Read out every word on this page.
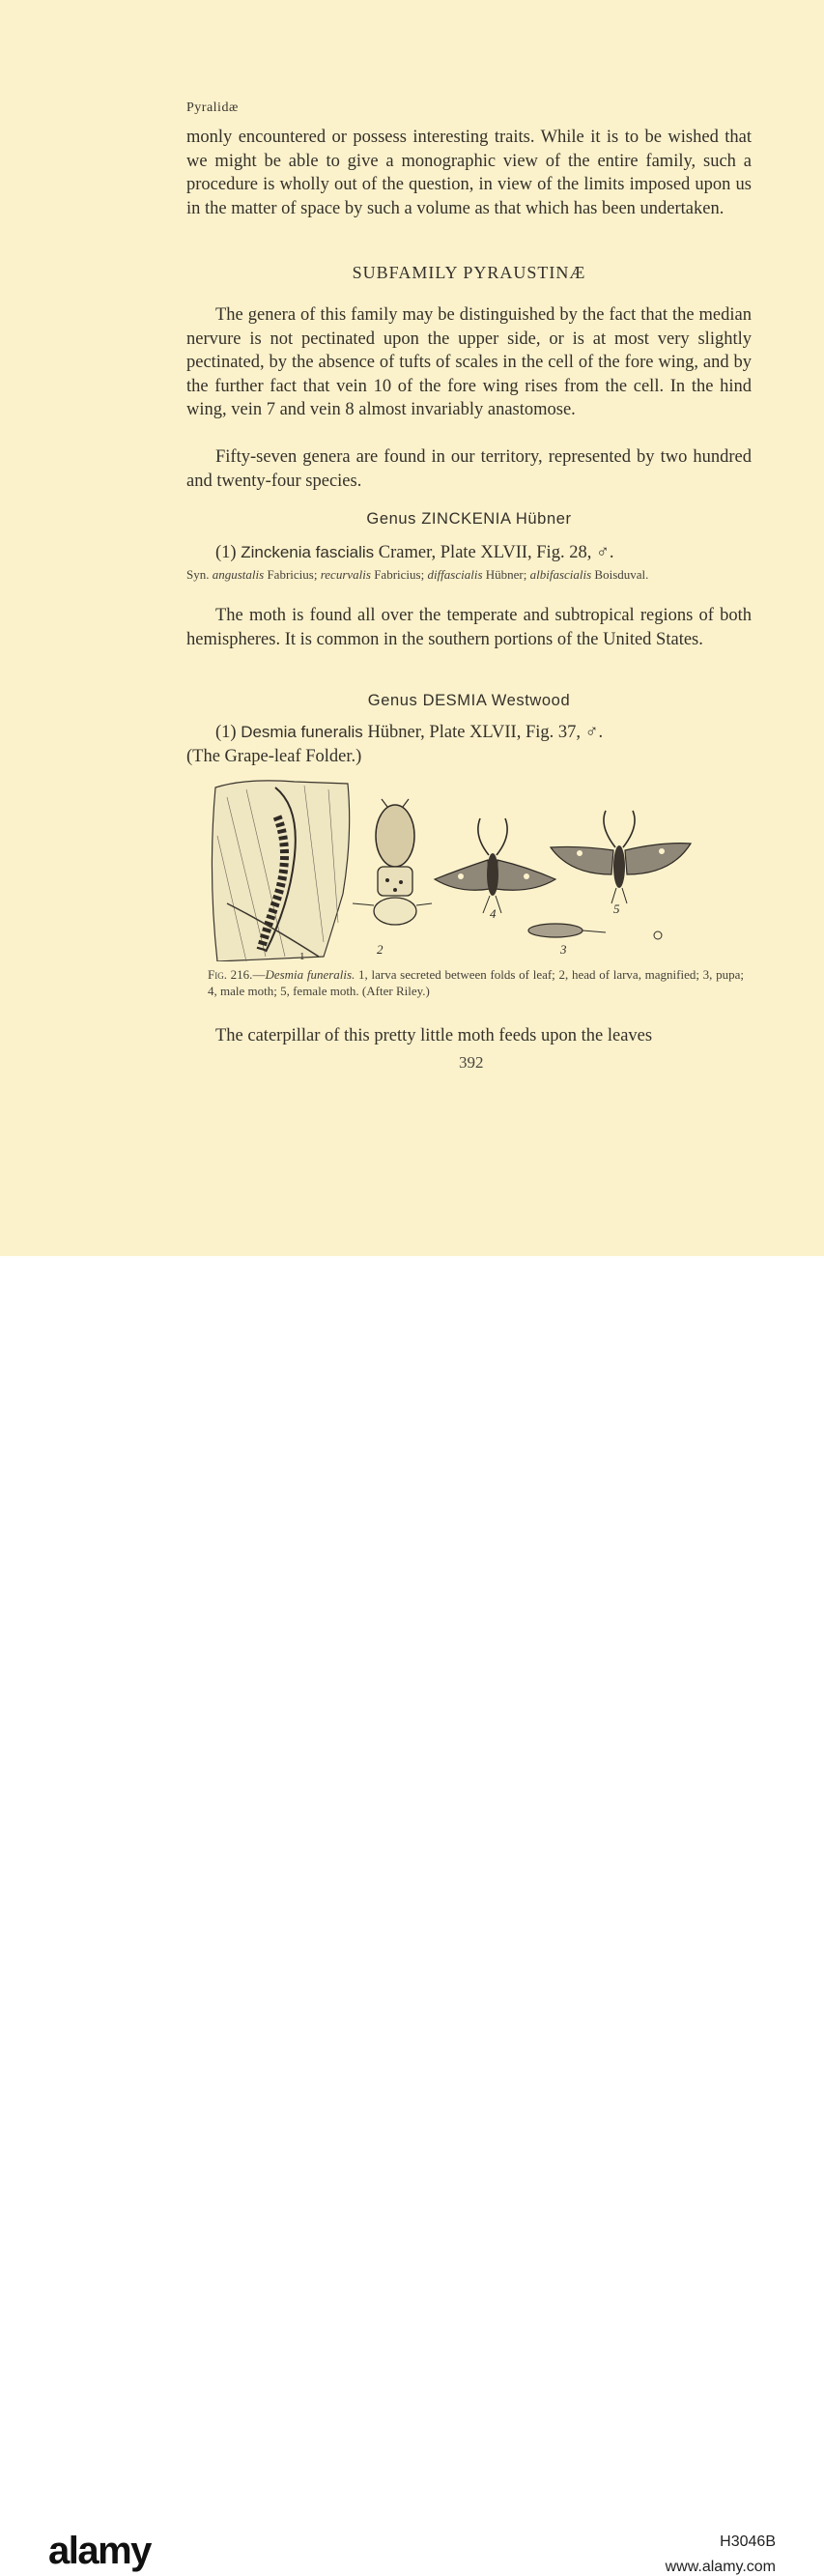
Pyralidæ
monly encountered or possess interesting traits. While it is to be wished that we might be able to give a monographic view of the entire family, such a procedure is wholly out of the question, in view of the limits imposed upon us in the matter of space by such a volume as that which has been undertaken.
SUBFAMILY PYRAUSTINÆ
The genera of this family may be distinguished by the fact that the median nervure is not pectinated upon the upper side, or is at most very slightly pectinated, by the absence of tufts of scales in the cell of the fore wing, and by the further fact that vein 10 of the fore wing rises from the cell. In the hind wing, vein 7 and vein 8 almost invariably anastomose.
Fifty-seven genera are found in our territory, represented by two hundred and twenty-four species.
Genus ZINCKENIA Hübner
(1) Zinckenia fascialis Cramer, Plate XLVII, Fig. 28, ♂.
Syn. angustalis Fabricius; recurvalis Fabricius; diffascialis Hübner; albifascialis Boisduval.
The moth is found all over the temperate and subtropical regions of both hemispheres. It is common in the southern portions of the United States.
Genus DESMIA Westwood
(1) Desmia funeralis Hübner, Plate XLVII, Fig. 37, ♂.
(The Grape-leaf Folder.)
1	2	3
4	5
Fig. 216.—Desmia funeralis. 1, larva secreted between folds of leaf; 2, head of larva, magnified; 3, pupa; 4, male moth; 5, female moth. (After Riley.)
The caterpillar of this pretty little moth feeds upon the leaves
392
alamy	H3046B
www.alamy.com
